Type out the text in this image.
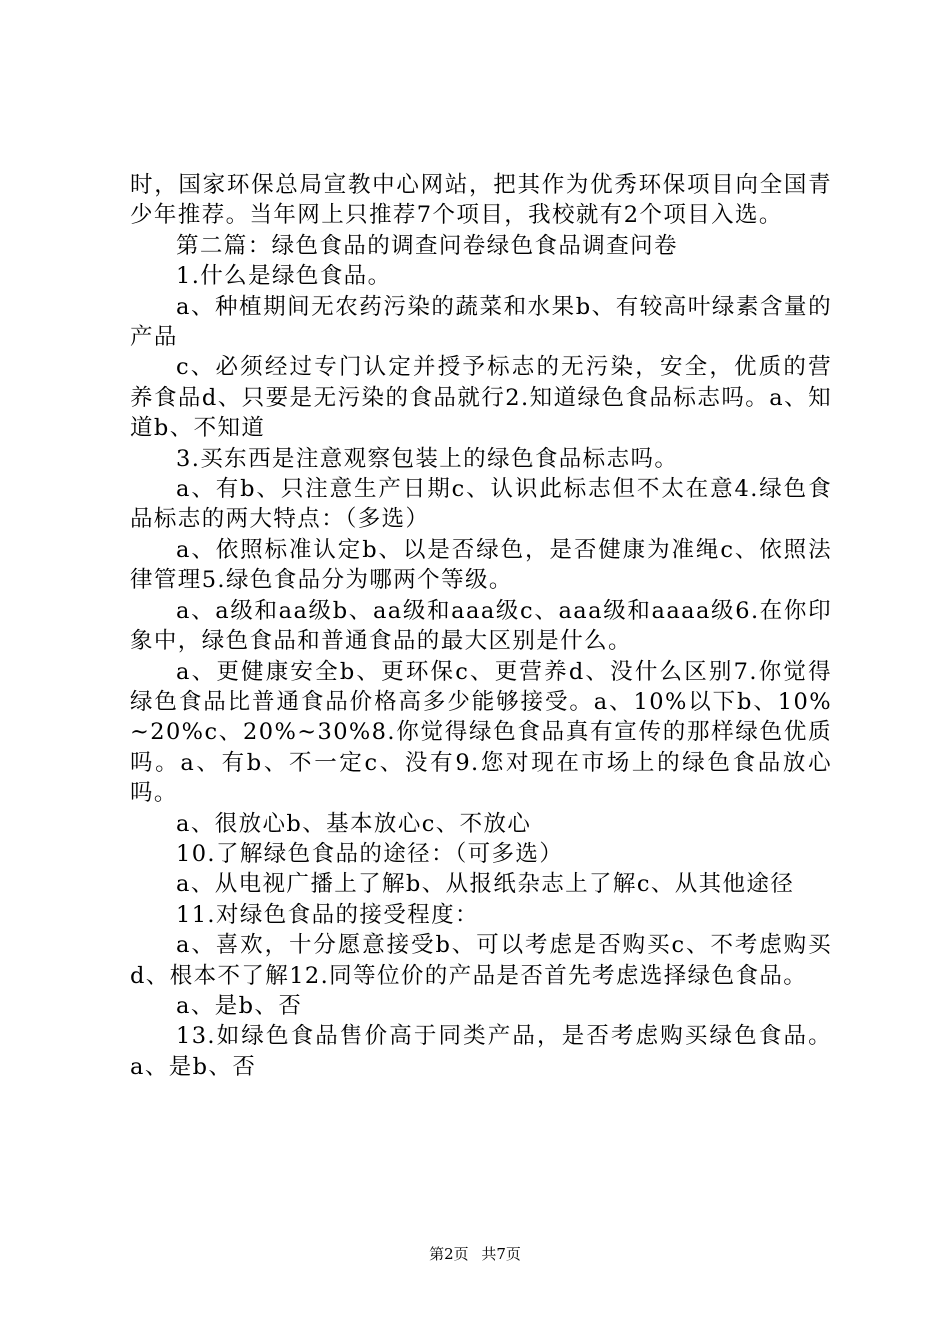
时，国家环保总局宣教中心网站，把其作为优秀环保项目向全国青少年推荐。当年网上只推荐7个项目，我校就有2个项目入选。

第二篇：绿色食品的调查问卷绿色食品调查问卷

1.什么是绿色食品。

a、种植期间无农药污染的蔬菜和水果b、有较高叶绿素含量的产品

c、必须经过专门认定并授予标志的无污染，安全，优质的营养食品d、只要是无污染的食品就行2.知道绿色食品标志吗。a、知道b、不知道

3.买东西是注意观察包装上的绿色食品标志吗。

a、有b、只注意生产日期c、认识此标志但不太在意4.绿色食品标志的两大特点：（多选）

a、依照标准认定b、以是否绿色，是否健康为准绳c、依照法律管理5.绿色食品分为哪两个等级。

a、a级和aa级b、aa级和aaa级c、aaa级和aaaa级6.在你印象中，绿色食品和普通食品的最大区别是什么。

a、更健康安全b、更环保c、更营养d、没什么区别7.你觉得绿色食品比普通食品价格高多少能够接受。a、10%以下b、10%~20%c、20%~30%8.你觉得绿色食品真有宣传的那样绿色优质吗。a、有b、不一定c、没有9.您对现在市场上的绿色食品放心吗。

a、很放心b、基本放心c、不放心

10.了解绿色食品的途径：（可多选）

a、从电视广播上了解b、从报纸杂志上了解c、从其他途径

11.对绿色食品的接受程度：

a、喜欢，十分愿意接受b、可以考虑是否购买c、不考虑购买d、根本不了解12.同等位价的产品是否首先考虑选择绿色食品。

a、是b、否

13.如绿色食品售价高于同类产品，是否考虑购买绿色食品。a、是b、否

第2页 共7页
